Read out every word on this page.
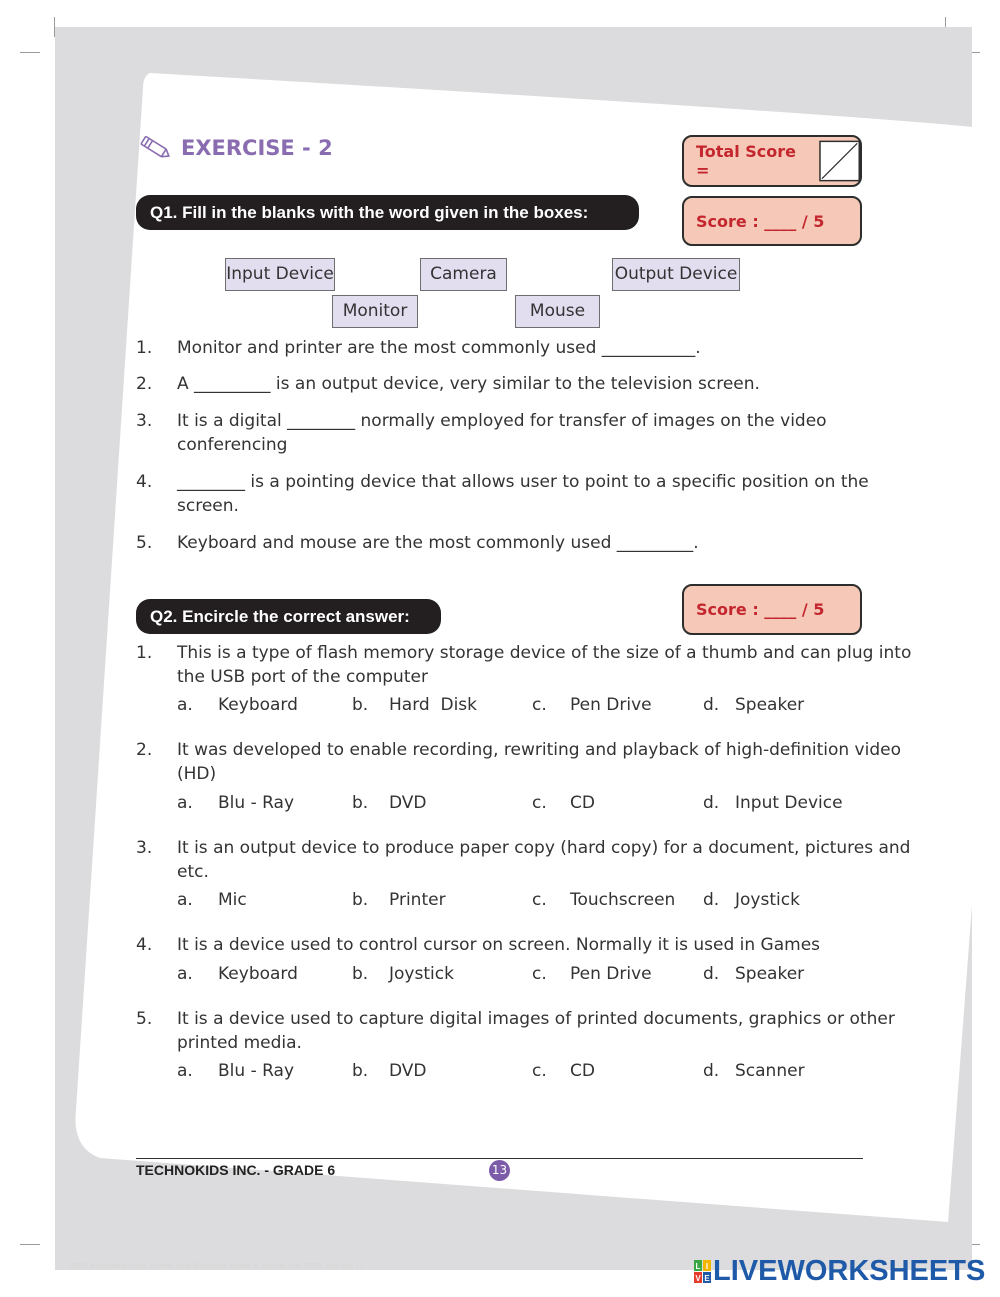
EXERCISE - 2	Total Score =
Q1. Fill in the blanks with the word given in the boxes:	Score : ____ / 5
Input Device	Camera	Output Device
Monitor	Mouse
1. Monitor and printer are the most commonly used ___________.
2. A _________ is an output device, very similar to the television screen.
3. It is a digital ________ normally employed for transfer of images on the video
conferencing
4. ________ is a pointing device that allows user to point to a specific position on the
screen.
5. Keyboard and mouse are the most commonly used _________.
Q2. Encircle the correct answer:	Score : ____ / 5
1. This is a type of flash memory storage device of the size of a thumb and can plug into
the USB port of the computer
a. Keyboard	b. Hard  Disk	c. Pen Drive	d. Speaker
2. It was developed to enable recording, rewriting and playback of high-definition video
(HD)
a. Blu - Ray	b. DVD	c. CD	d. Input Device
3. It is an output device to produce paper copy (hard copy) for a document, pictures and
etc.
a. Mic	b. Printer	c. Touchscreen d. Joystick
4. It is a device used to control cursor on screen. Normally it is used in Games
a. Keyboard	b. Joystick	c. Pen Drive	d. Speaker
5. It is a device used to capture digital images of printed documents, graphics or other
printed media.
a. Blu - Ray	b. DVD	c. CD	d. Scanner
TECHNOKIDS INC. - GRADE 6	13
IDNB_Knowledge Hub_Techno Kids Workbook Grade 6_Reprint July 2015_Text.pdf 13	L I
V E LIVEWORKSHEETS
